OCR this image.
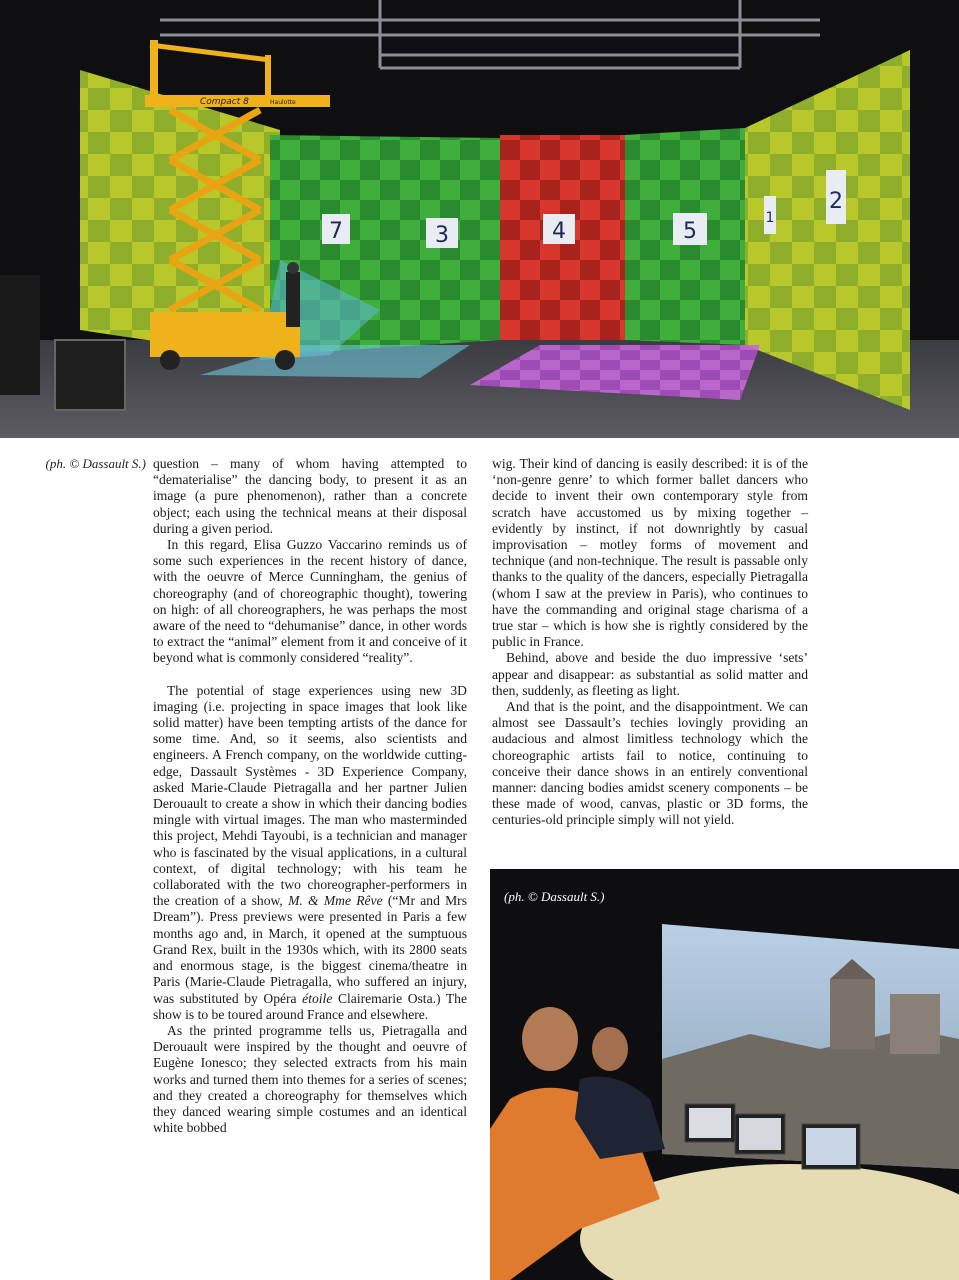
7	3	4	5
1
2
Compact 8	Haulotte
(ph. © Dassault S.) question – many of whom having attempted to “dematerialise” the dancing body, to present it as an image (a pure phenomenon), rather than a concrete object; each using the technical means at their disposal during a given period.

In this regard, Elisa Guzzo Vaccarino reminds us of some such experiences in the recent history of dance, with the oeuvre of Merce Cunningham, the genius of choreography (and of choreographic thought), towering on high: of all choreographers, he was perhaps the most aware of the need to “dehumanise” dance, in other words to extract the “animal” element from it and conceive of it beyond what is commonly considered “reality”.

The potential of stage experiences using new 3D imaging (i.e. projecting in space images that look like solid matter) have been tempting artists of the dance for some time. And, so it seems, also scientists and engineers. A French company, on the worldwide cutting-edge, Dassault Systèmes - 3D Experience Company, asked Marie-Claude Pietragalla and her partner Julien Derouault to create a show in which their dancing bodies mingle with virtual images. The man who masterminded this project, Mehdi Tayoubi, is a technician and manager who is fascinated by the visual applications, in a cultural context, of digital technology; with his team he collaborated with the two choreographer-performers in the creation of a show, M. & Mme Rêve (“Mr and Mrs Dream”). Press previews were presented in Paris a few months ago and, in March, it opened at the sumptuous Grand Rex, built in the 1930s which, with its 2800 seats and enormous stage, is the biggest cinema/theatre in Paris (Marie-Claude Pietragalla, who suffered an injury, was substituted by Opéra étoile Clairemarie Osta.) The show is to be toured around France and elsewhere.

As the printed programme tells us, Pietragalla and Derouault were inspired by the thought and oeuvre of Eugène Ionesco; they selected extracts from his main works and turned them into themes for a series of scenes; and they created a choreography for themselves which they danced wearing simple costumes and an identical white bobbed

wig. Their kind of dancing is easily described: it is of the ‘non-genre genre’ to which former ballet dancers who decide to invent their own contemporary style from scratch have accustomed us by mixing together – evidently by instinct, if not downrightly by casual improvisation – motley forms of movement and technique (and non-technique. The result is passable only thanks to the quality of the dancers, especially Pietragalla (whom I saw at the preview in Paris), who continues to have the commanding and original stage charisma of a true star – which is how she is rightly considered by the public in France.

Behind, above and beside the duo impressive ‘sets’ appear and disappear: as substantial as solid matter and then, suddenly, as fleeting as light.

And that is the point, and the disappointment. We can almost see Dassault’s techies lovingly providing an audacious and almost limitless technology which the choreographic artists fail to notice, continuing to conceive their dance shows in an entirely conventional manner: dancing bodies amidst scenery components – be these made of wood, canvas, plastic or 3D forms, the centuries-old principle simply will not yield.

(ph. © Dassault S.)
